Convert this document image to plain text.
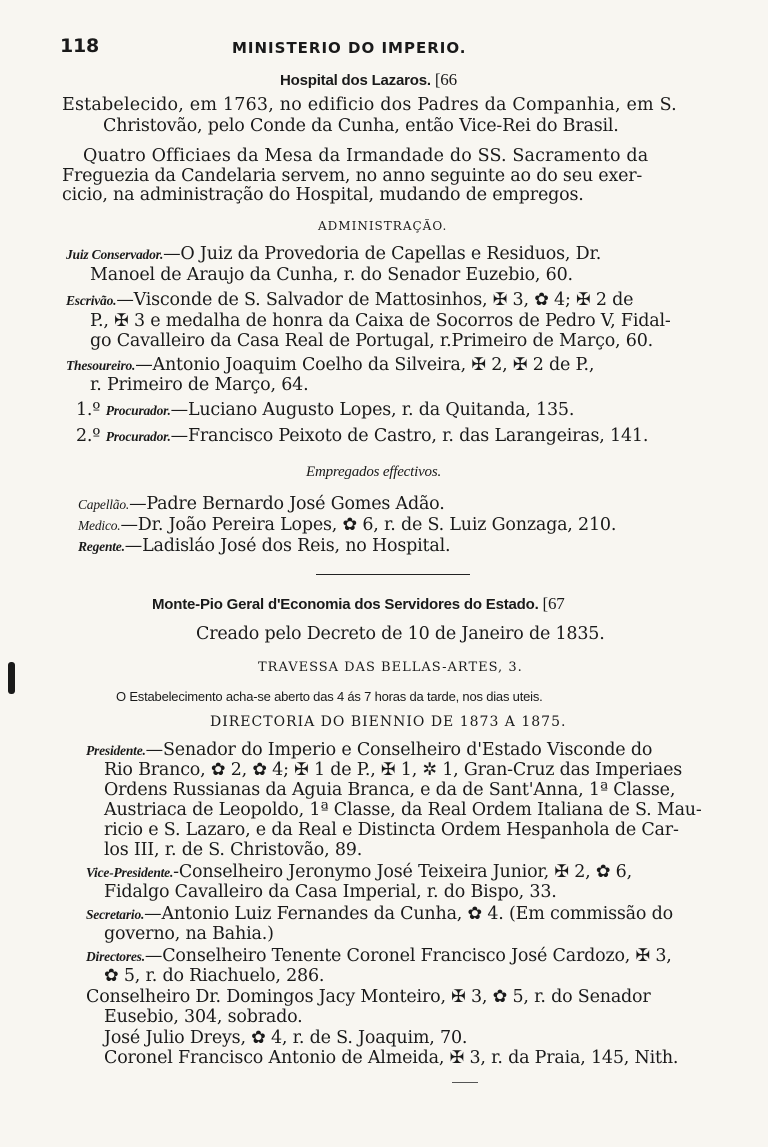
118	MINISTERIO DO IMPERIO.
Hospital dos Lazaros. [66
Estabelecido, em 1763, no edificio dos Padres da Companhia, em S.
Christovão, pelo Conde da Cunha, então Vice-Rei do Brasil.
Quatro Officiaes da Mesa da Irmandade do SS. Sacramento da
Freguezia da Candelaria servem, no anno seguinte ao do seu exer-
cicio, na administração do Hospital, mudando de empregos.
ADMINISTRAÇÃO.
Juiz Conservador.—O Juiz da Provedoria de Capellas e Residuos, Dr.
Manoel de Araujo da Cunha, r. do Senador Euzebio, 60.
Escrivão.—Visconde de S. Salvador de Mattosinhos, ✠ 3, ✿ 4; ✠ 2 de
P., ✠ 3 e medalha de honra da Caixa de Socorros de Pedro V, Fidal-
go Cavalleiro da Casa Real de Portugal, r.Primeiro de Março, 60.
Thesoureiro.—Antonio Joaquim Coelho da Silveira, ✠ 2, ✠ 2 de P.,
r. Primeiro de Março, 64.
1.º Procurador.—Luciano Augusto Lopes, r. da Quitanda, 135.
2.º Procurador.—Francisco Peixoto de Castro, r. das Larangeiras, 141.
Empregados effectivos.
Capellão.—Padre Bernardo José Gomes Adão.
Medico.—Dr. João Pereira Lopes, ✿ 6, r. de S. Luiz Gonzaga, 210.
Regente.—Ladisláo José dos Reis, no Hospital.
Monte-Pio Geral d'Economia dos Servidores do Estado. [67
Creado pelo Decreto de 10 de Janeiro de 1835.
TRAVESSA DAS BELLAS-ARTES, 3.
O Estabelecimento acha-se aberto das 4 ás 7 horas da tarde, nos dias uteis.
DIRECTORIA DO BIENNIO DE 1873 A 1875.
Presidente.—Senador do Imperio e Conselheiro d'Estado Visconde do
Rio Branco, ✿ 2, ✿ 4; ✠ 1 de P., ✠ 1, ✲ 1, Gran-Cruz das Imperiaes
Ordens Russianas da Aguia Branca, e da de Sant'Anna, 1ª Classe,
Austriaca de Leopoldo, 1ª Classe, da Real Ordem Italiana de S. Mau-
ricio e S. Lazaro, e da Real e Distincta Ordem Hespanhola de Car-
los III, r. de S. Christovão, 89.
Vice-Presidente.-Conselheiro Jeronymo José Teixeira Junior, ✠ 2, ✿ 6,
Fidalgo Cavalleiro da Casa Imperial, r. do Bispo, 33.
Secretario.—Antonio Luiz Fernandes da Cunha, ✿ 4. (Em commissão do
governo, na Bahia.)
Directores.—Conselheiro Tenente Coronel Francisco José Cardozo, ✠ 3,
✿ 5, r. do Riachuelo, 286.
Conselheiro Dr. Domingos Jacy Monteiro, ✠ 3, ✿ 5, r. do Senador
Eusebio, 304, sobrado.
José Julio Dreys, ✿ 4, r. de S. Joaquim, 70.
Coronel Francisco Antonio de Almeida, ✠ 3, r. da Praia, 145, Nith.
